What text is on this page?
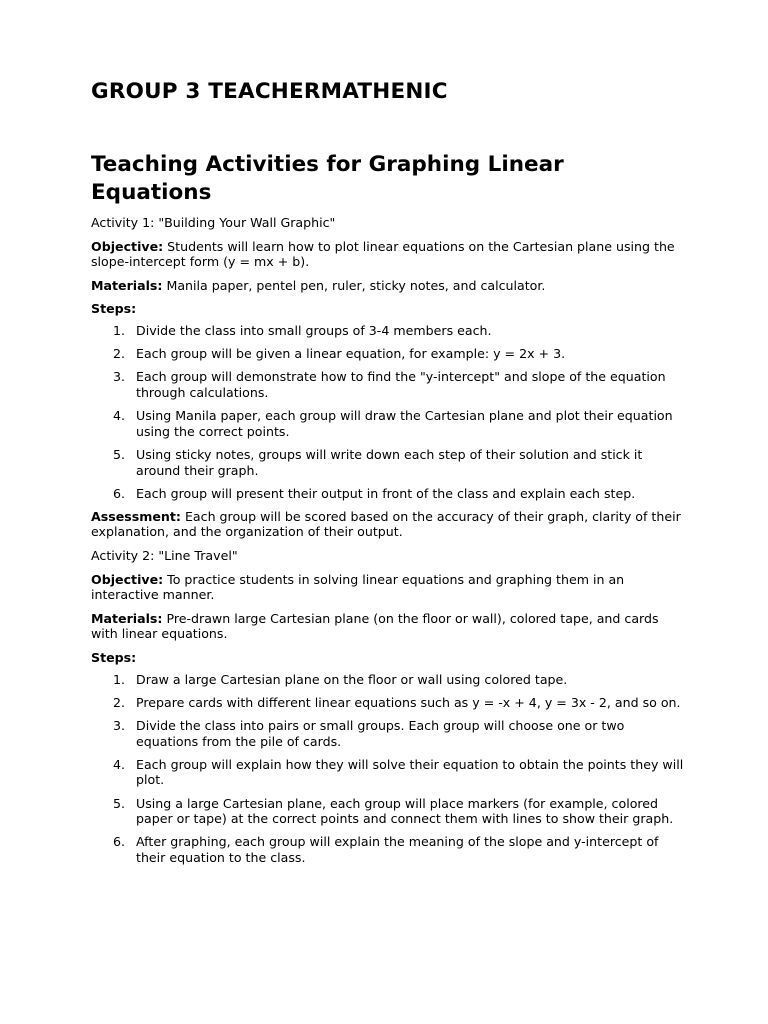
GROUP 3 TEACHERMATHENIC
Teaching Activities for Graphing Linear Equations

Activity 1: "Building Your Wall Graphic"

Objective: Students will learn how to plot linear equations on the Cartesian plane using the slope-intercept form (y = mx + b).

Materials: Manila paper, pentel pen, ruler, sticky notes, and calculator.

Steps:

1. Divide the class into small groups of 3-4 members each.
2. Each group will be given a linear equation, for example: y = 2x + 3.
3. Each group will demonstrate how to find the "y-intercept" and slope of the equation through calculations.
4. Using Manila paper, each group will draw the Cartesian plane and plot their equation using the correct points.
5. Using sticky notes, groups will write down each step of their solution and stick it around their graph.
6. Each group will present their output in front of the class and explain each step.

Assessment: Each group will be scored based on the accuracy of their graph, clarity of their explanation, and the organization of their output.

Activity 2: "Line Travel"

Objective: To practice students in solving linear equations and graphing them in an interactive manner.

Materials: Pre-drawn large Cartesian plane (on the floor or wall), colored tape, and cards with linear equations.

Steps:

1. Draw a large Cartesian plane on the floor or wall using colored tape.
2. Prepare cards with different linear equations such as y = -x + 4, y = 3x - 2, and so on.
3. Divide the class into pairs or small groups. Each group will choose one or two equations from the pile of cards.
4. Each group will explain how they will solve their equation to obtain the points they will plot.
5. Using a large Cartesian plane, each group will place markers (for example, colored paper or tape) at the correct points and connect them with lines to show their graph.
6. After graphing, each group will explain the meaning of the slope and y-intercept of their equation to the class.
